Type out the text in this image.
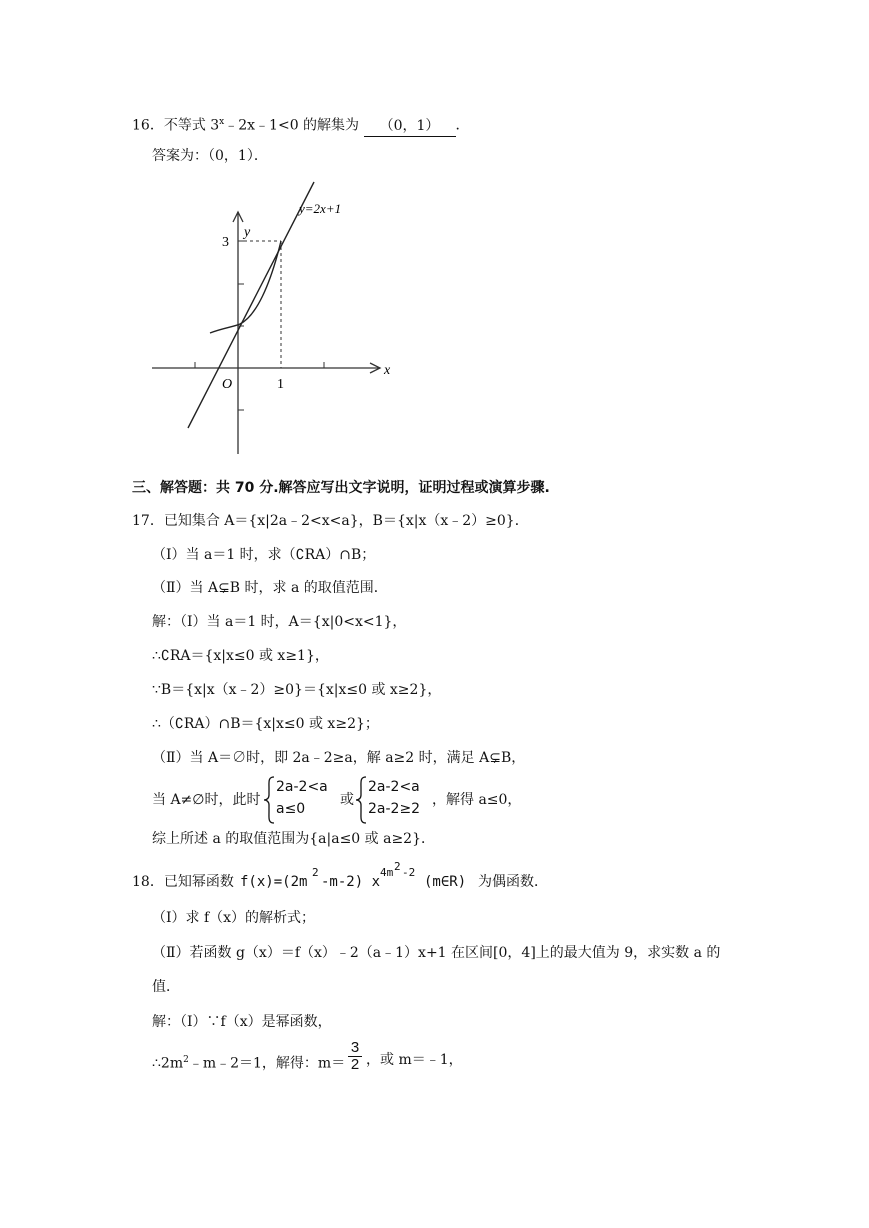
16．不等式 $3^x﹣2x﹣1<0$ 的解集为 （0，1） ．
答案为：（0，1）．
3
y
y=2x+1
x
O	1
三、解答题：共 70 分.解答应写出文字说明，证明过程或演算步骤.
17．已知集合 A＝{x|2a﹣2<x<a}，B＝{x|x（x﹣2）≥0}．
（Ⅰ）当 a＝1 时，求（∁RA）∩B；
（Ⅱ）当 A⊊B 时，求 a 的取值范围．
解：（Ⅰ）当 a＝1 时，A＝{x|0<x<1}，
∴∁RA＝{x|x≤0 或 x≥1}，
∵B＝{x|x（x﹣2）≥0}＝{x|x≤0 或 x≥2}，
∴（∁RA）∩B＝{x|x≤0 或 x≥2}；
（Ⅱ）当 A＝∅时，即 2a﹣2≥a，解 a≥2 时，满足 A⊊B，
当 A≠∅时，此时
2a-2<a
a≤0
或
2a-2<a
2a-2≥2
，解得 a≤0，
综上所述 a 的取值范围为{a|a≤0 或 a≥2}．
18．已知幂函数 f(x)=(2m
2
-m-2) x
4m 2 -2
(m∈R) 为偶函数．
（Ⅰ）求 f（x）的解析式；
（Ⅱ）若函数 g（x）＝f（x）﹣2（a﹣1）x+1 在区间[0，4]上的最大值为 9，求实数 a 的
值．
解：（Ⅰ）∵f（x）是幂函数，
$\therefore 2m^2﹣m﹣2=1$，解得：$m= \frac{3}{2}$ ，或 m＝﹣1，
